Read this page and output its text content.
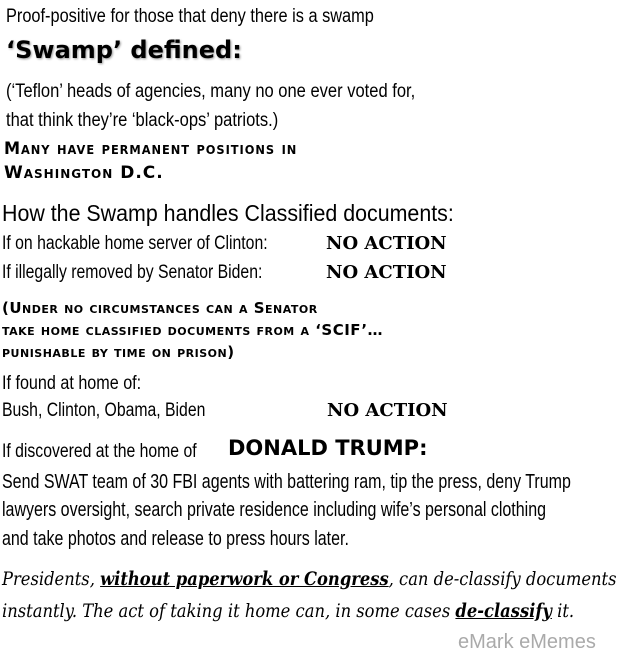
Proof-positive for those that deny there is a swamp
‘Swamp’ defined:
(‘Teflon’ heads of agencies, many no one ever voted for,
that think they’re ‘black-ops’ patriots.)
Many have permanent positions in
Washington D.C.
How the Swamp handles Classified documents:
If on hackable home server of Clinton:	NO ACTION
If illegally removed by Senator Biden:	NO ACTION
(Under no circumstances can a Senator
take home classified documents from a ‘SCIF’…
punishable by time on prison)
If found at home of:
Bush, Clinton, Obama, Biden	NO ACTION
If discovered at the home of DONALD TRUMP:
Send SWAT team of 30 FBI agents with battering ram, tip the press, deny Trump
lawyers oversight, search private residence including wife’s personal clothing
and take photos and release to press hours later.
Presidents, without paperwork or Congress, can de-classify documents
instantly. The act of taking it home can, in some cases de-classify it.
eMark eMemes
